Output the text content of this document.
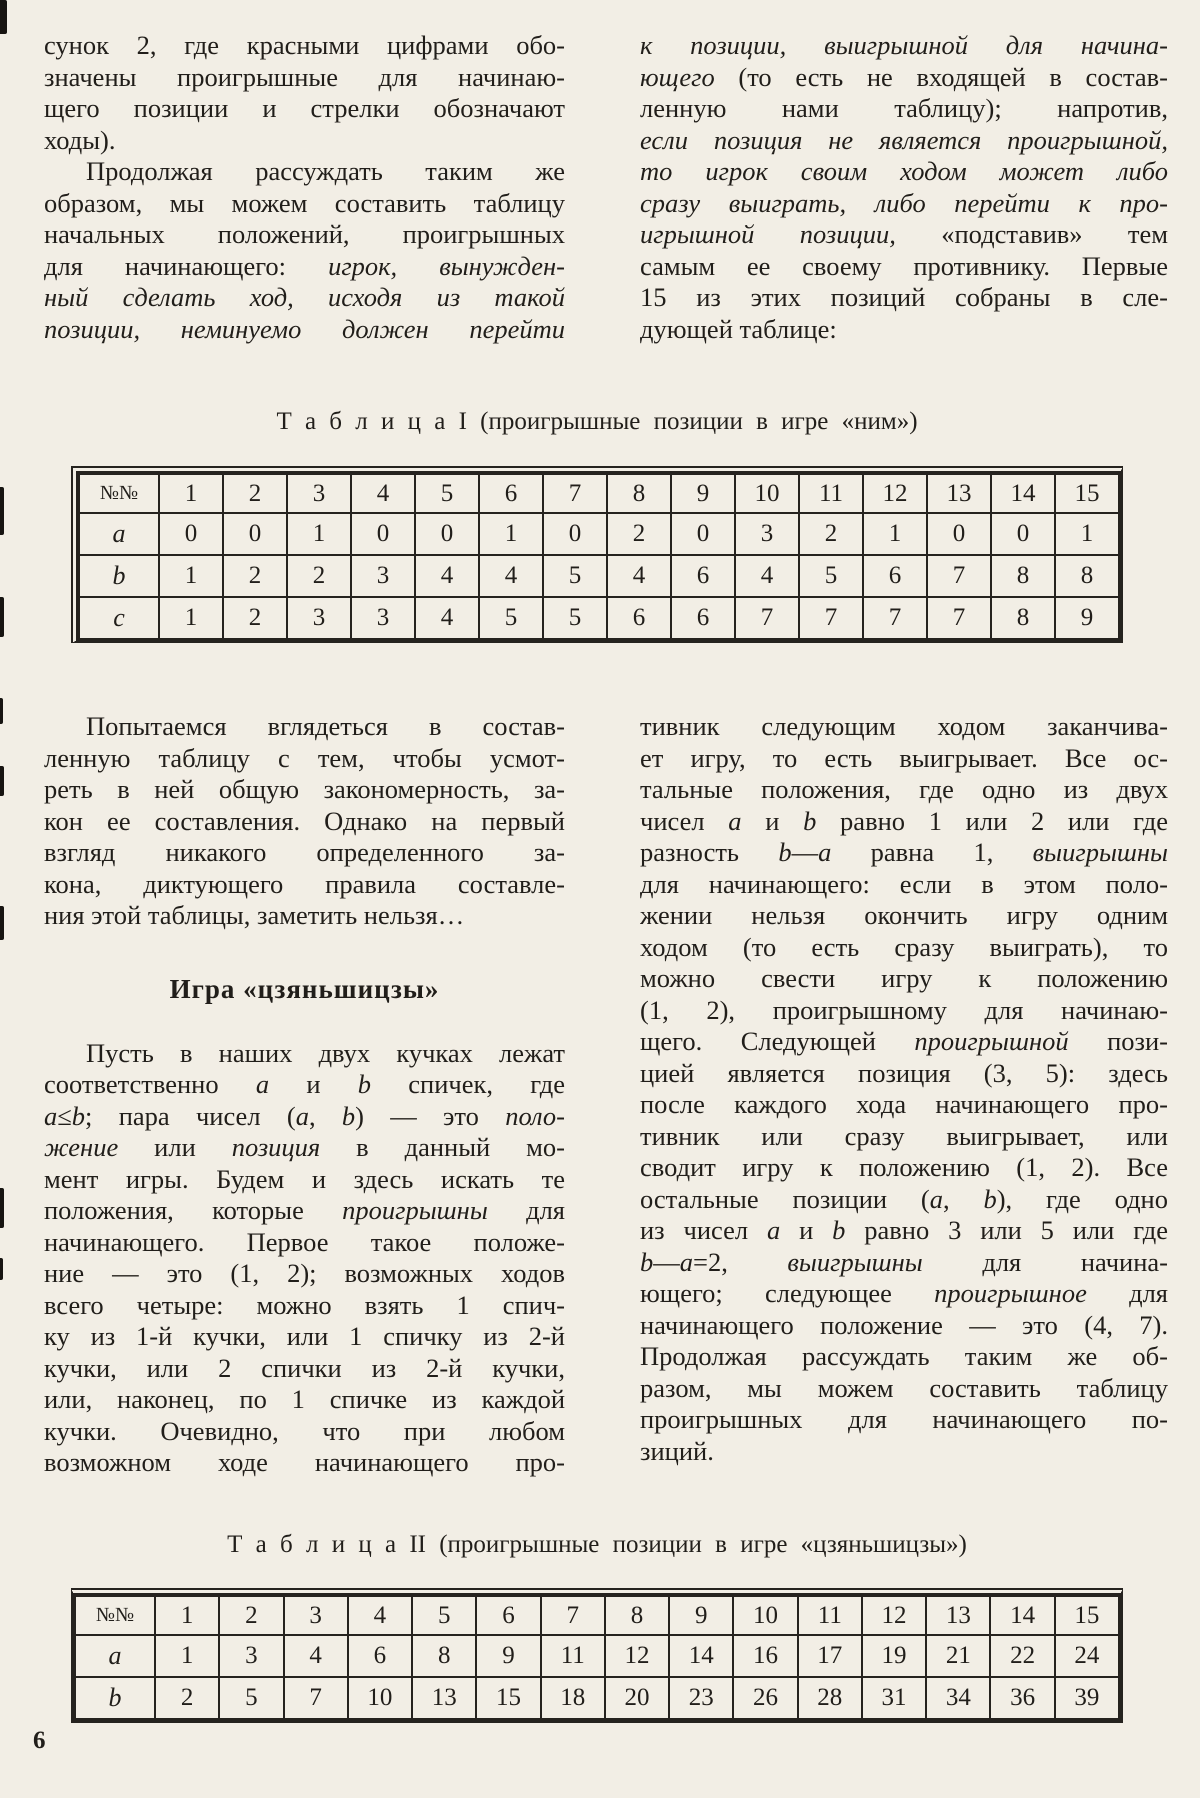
сунок 2, где красными цифрами обо-
значены проигрышные для начинаю-
щего позиции и стрелки обозначают
ходы).
Продолжая рассуждать таким же
образом, мы можем составить таблицу
начальных положений, проигрышных
для начинающего: игрок, вынужден-
ный сделать ход, исходя из такой
позиции, неминуемо должен перейти
к позиции, выигрышной для начина-
ющего (то есть не входящей в состав-
ленную нами таблицу); напротив,
если позиция не является проигрышной,
то игрок своим ходом может либо
сразу выиграть, либо перейти к про-
игрышной позиции, «подставив» тем
самым ее своему противнику. Первые
15 из этих позиций собраны в сле-
дующей таблице:
Т а б л и ц а I (проигрышные позиции в игре «ним»)
№№	1	2	3	4	5	6	7	8	9	10	11	12	13	14	15
a	0	0	1	0	0	1	0	2	0	3	2	1	0	0	1
b	1	2	2	3	4	4	5	4	6	4	5	6	7	8	8
c	1	2	3	3	4	5	5	6	6	7	7	7	7	8	9
Попытаемся вглядеться в состав-
ленную таблицу с тем, чтобы усмот-
реть в ней общую закономерность, за-
кон ее составления. Однако на первый
взгляд никакого определенного за-
кона, диктующего правила составле-
ния этой таблицы, заметить нельзя…
Игра «цзяньшицзы»
Пусть в наших двух кучках лежат
соответственно a и b спичек, где
a≤b; пара чисел (a, b) — это поло-
жение или позиция в данный мо-
мент игры. Будем и здесь искать те
положения, которые проигрышны для
начинающего. Первое такое положе-
ние — это (1, 2); возможных ходов
всего четыре: можно взять 1 спич-
ку из 1-й кучки, или 1 спичку из 2-й
кучки, или 2 спички из 2-й кучки,
или, наконец, по 1 спичке из каждой
кучки. Очевидно, что при любом
возможном ходе начинающего про-
тивник следующим ходом заканчива-
ет игру, то есть выигрывает. Все ос-
тальные положения, где одно из двух
чисел a и b равно 1 или 2 или где
разность b—a равна 1, выигрышны
для начинающего: если в этом поло-
жении нельзя окончить игру одним
ходом (то есть сразу выиграть), то
можно свести игру к положению
(1, 2), проигрышному для начинаю-
щего. Следующей проигрышной пози-
цией является позиция (3, 5): здесь
после каждого хода начинающего про-
тивник или сразу выигрывает, или
сводит игру к положению (1, 2). Все
остальные позиции (a, b), где одно
из чисел a и b равно 3 или 5 или где
b—a=2, выигрышны для начина-
ющего; следующее проигрышное для
начинающего положение — это (4, 7).
Продолжая рассуждать таким же об-
разом, мы можем составить таблицу
проигрышных для начинающего по-
зиций.
Т а б л и ц а II (проигрышные позиции в игре «цзяньшицзы»)
№№	1	2	3	4	5	6	7	8	9	10	11	12	13	14	15
a	1	3	4	6	8	9	11	12	14	16	17	19	21	22	24
b	2	5	7	10	13	15	18	20	23	26	28	31	34	36	39
6
